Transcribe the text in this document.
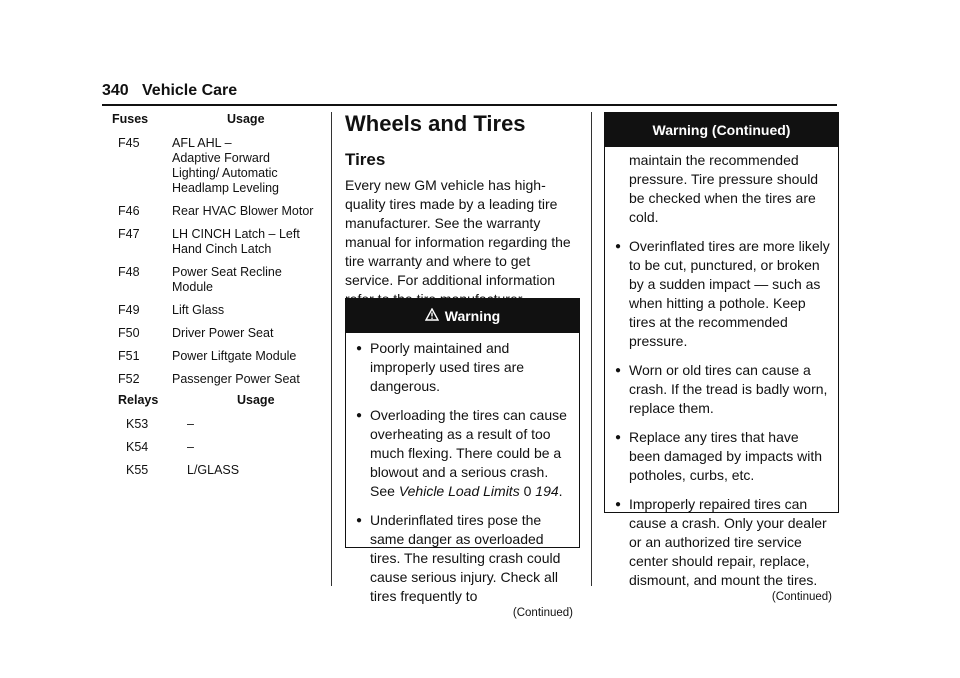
340 Vehicle Care
Fuses	Usage
F45	AFL AHL – Adaptive Forward Lighting/ Automatic Headlamp Leveling
F46	Rear HVAC Blower Motor
F47	LH CINCH Latch – Left Hand Cinch Latch
F48	Power Seat Recline Module
F49	Lift Glass
F50	Driver Power Seat
F51	Power Liftgate Module
F52	Passenger Power Seat
Relays	Usage
K53	–
K54	–
K55	L/GLASS
Wheels and Tires
Tires

Every new GM vehicle has high-quality tires made by a leading tire manufacturer. See the warranty manual for information regarding the tire warranty and where to get service. For additional information

Warning
● Poorly maintained and improperly used tires are dangerous.
● Overloading the tires can cause overheating as a result of too much flexing. There could be a blowout and a serious crash. See Vehicle Load Limits 0 194.
● Underinflated tires pose the same danger as overloaded tires. The resulting crash could cause serious injury. Check all tires frequently to
(Continued)
Warning (Continued)
maintain the recommended pressure. Tire pressure should be checked when the tires are cold.
● Overinflated tires are more likely to be cut, punctured, or broken by a sudden impact — such as when hitting a pothole. Keep tires at the recommended pressure.
● Worn or old tires can cause a crash. If the tread is badly worn, replace them.
● Replace any tires that have been damaged by impacts with potholes, curbs, etc.
● Improperly repaired tires can cause a crash. Only your dealer or an authorized tire service center should repair, replace, dismount, and mount the tires.
(Continued)
